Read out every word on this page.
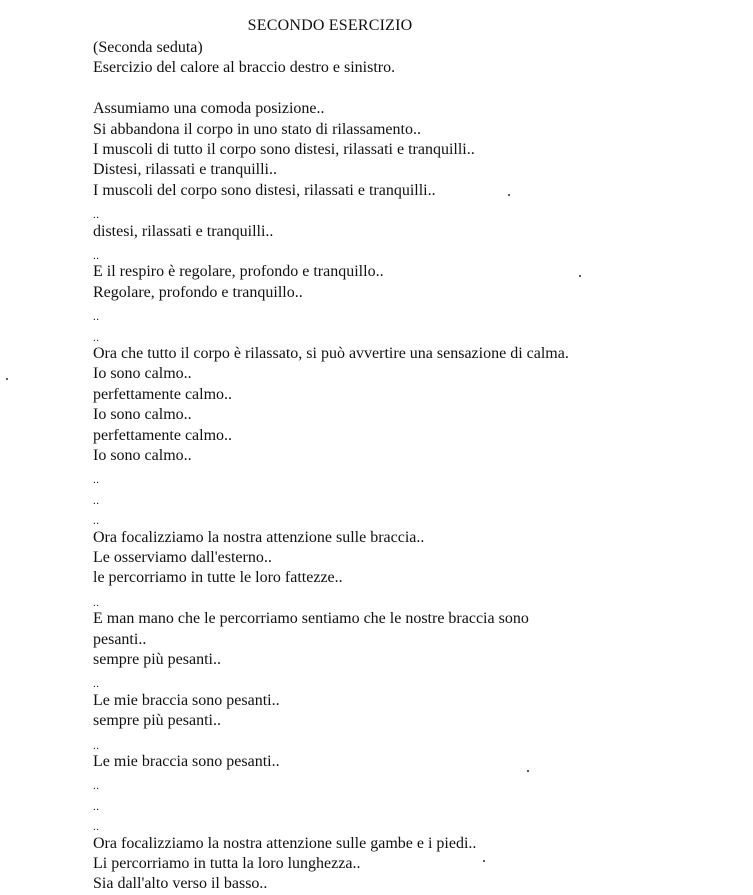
SECONDO ESERCIZIO
(Seconda seduta)
Esercizio del calore al braccio destro e sinistro.
Assumiamo una comoda posizione..
Si abbandona il corpo in uno stato di rilassamento..
I muscoli di tutto il corpo sono distesi, rilassati e tranquilli..
Distesi, rilassati e tranquilli..
I muscoli del corpo sono distesi, rilassati e tranquilli..
..
distesi, rilassati e tranquilli..
..
E il respiro è regolare, profondo e tranquillo..
Regolare, profondo e tranquillo..
..
..
Ora che tutto il corpo è rilassato, si può avvertire una sensazione di calma.
Io sono calmo..
perfettamente calmo..
Io sono calmo..
perfettamente calmo..
Io sono calmo..
..
..
..
Ora focalizziamo la nostra attenzione sulle braccia..
Le osserviamo dall'esterno..
le percorriamo in tutte le loro fattezze..
..
E man mano che le percorriamo sentiamo che le nostre braccia sono
pesanti..
sempre più pesanti..
..
Le mie braccia sono pesanti..
sempre più pesanti..
..
Le mie braccia sono pesanti..
..
..
..
Ora focalizziamo la nostra attenzione sulle gambe e i piedi..
Li percorriamo in tutta la loro lunghezza..
Sia dall'alto verso il basso..
